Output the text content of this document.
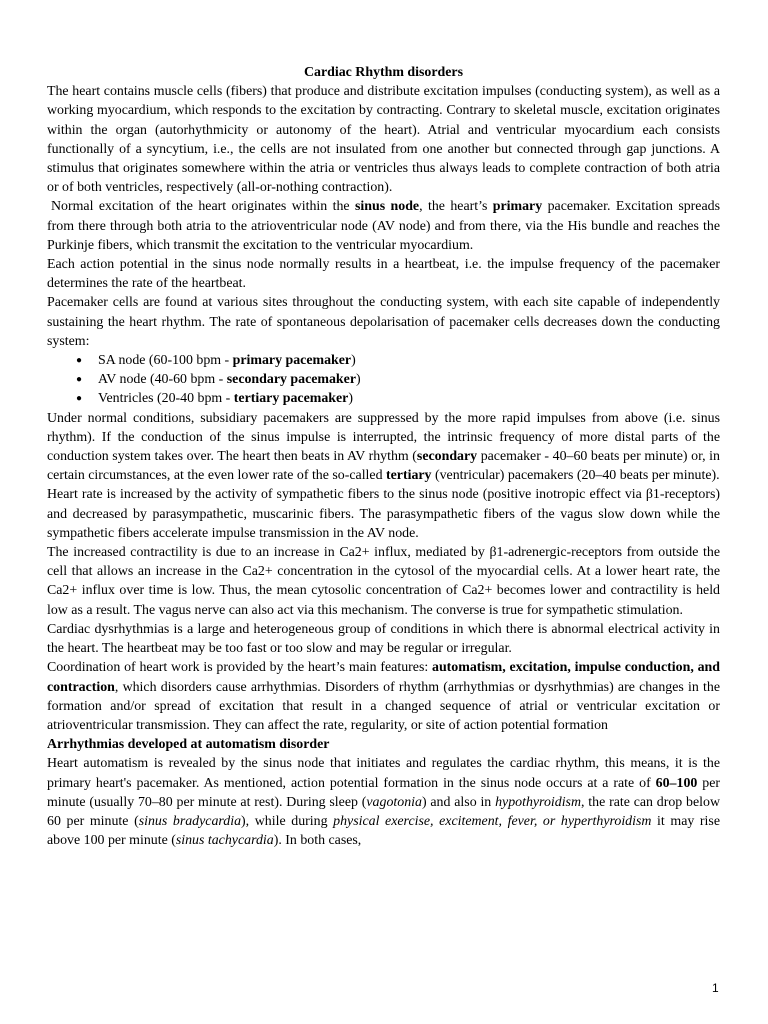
Cardiac Rhythm disorders

The heart contains muscle cells (fibers) that produce and distribute excitation impulses (conducting system), as well as a working myocardium, which responds to the excitation by contracting. Contrary to skeletal muscle, excitation originates within the organ (autorhythmicity or autonomy of the heart). Atrial and ventricular myocardium each consists functionally of a syncytium, i.e., the cells are not insulated from one another but connected through gap junctions. A stimulus that originates somewhere within the atria or ventricles thus always leads to complete contraction of both atria or of both ventricles, respectively (all-or-nothing contraction).

Normal excitation of the heart originates within the sinus node, the heart’s primary pacemaker. Excitation spreads from there through both atria to the atrioventricular node (AV node) and from there, via the His bundle and reaches the Purkinje fibers, which transmit the excitation to the ventricular myocardium.

Each action potential in the sinus node normally results in a heartbeat, i.e. the impulse frequency of the pacemaker determines the rate of the heartbeat.

Pacemaker cells are found at various sites throughout the conducting system, with each site capable of independently sustaining the heart rhythm. The rate of spontaneous depolarisation of pacemaker cells decreases down the conducting system:

● SA node (60-100 bpm - primary pacemaker)
● AV node (40-60 bpm - secondary pacemaker)
● Ventricles (20-40 bpm - tertiary pacemaker)

Under normal conditions, subsidiary pacemakers are suppressed by the more rapid impulses from above (i.e. sinus rhythm). If the conduction of the sinus impulse is interrupted, the intrinsic frequency of more distal parts of the conduction system takes over. The heart then beats in AV rhythm (secondary pacemaker - 40–60 beats per minute) or, in certain circumstances, at the even lower rate of the so-called tertiary (ventricular) pacemakers (20–40 beats per minute).

Heart rate is increased by the activity of sympathetic fibers to the sinus node (positive inotropic effect via β1-receptors) and decreased by parasympathetic, muscarinic fibers. The parasympathetic fibers of the vagus slow down while the sympathetic fibers accelerate impulse transmission in the AV node.

The increased contractility is due to an increase in Ca2+ influx, mediated by β1-adrenergic-receptors from outside the cell that allows an increase in the Ca2+ concentration in the cytosol of the myocardial cells. At a lower heart rate, the Ca2+ influx over time is low. Thus, the mean cytosolic concentration of Ca2+ becomes lower and contractility is held low as a result. The vagus nerve can also act via this mechanism. The converse is true for sympathetic stimulation.

Cardiac dysrhythmias is a large and heterogeneous group of conditions in which there is abnormal electrical activity in the heart. The heartbeat may be too fast or too slow and may be regular or irregular.

Coordination of heart work is provided by the heart’s main features: automatism, excitation, impulse conduction, and contraction, which disorders cause arrhythmias. Disorders of rhythm (arrhythmias or dysrhythmias) are changes in the formation and/or spread of excitation that result in a changed sequence of atrial or ventricular excitation or atrioventricular transmission. They can affect the rate, regularity, or site of action potential formation

Arrhythmias developed at automatism disorder

Heart automatism is revealed by the sinus node that initiates and regulates the cardiac rhythm, this means, it is the primary heart's pacemaker. As mentioned, action potential formation in the sinus node occurs at a rate of 60–100 per minute (usually 70–80 per minute at rest). During sleep (vagotonia) and also in hypothyroidism, the rate can drop below 60 per minute (sinus bradycardia), while during physical exercise, excitement, fever, or hyperthyroidism it may rise above 100 per minute (sinus tachycardia). In both cases,

1
